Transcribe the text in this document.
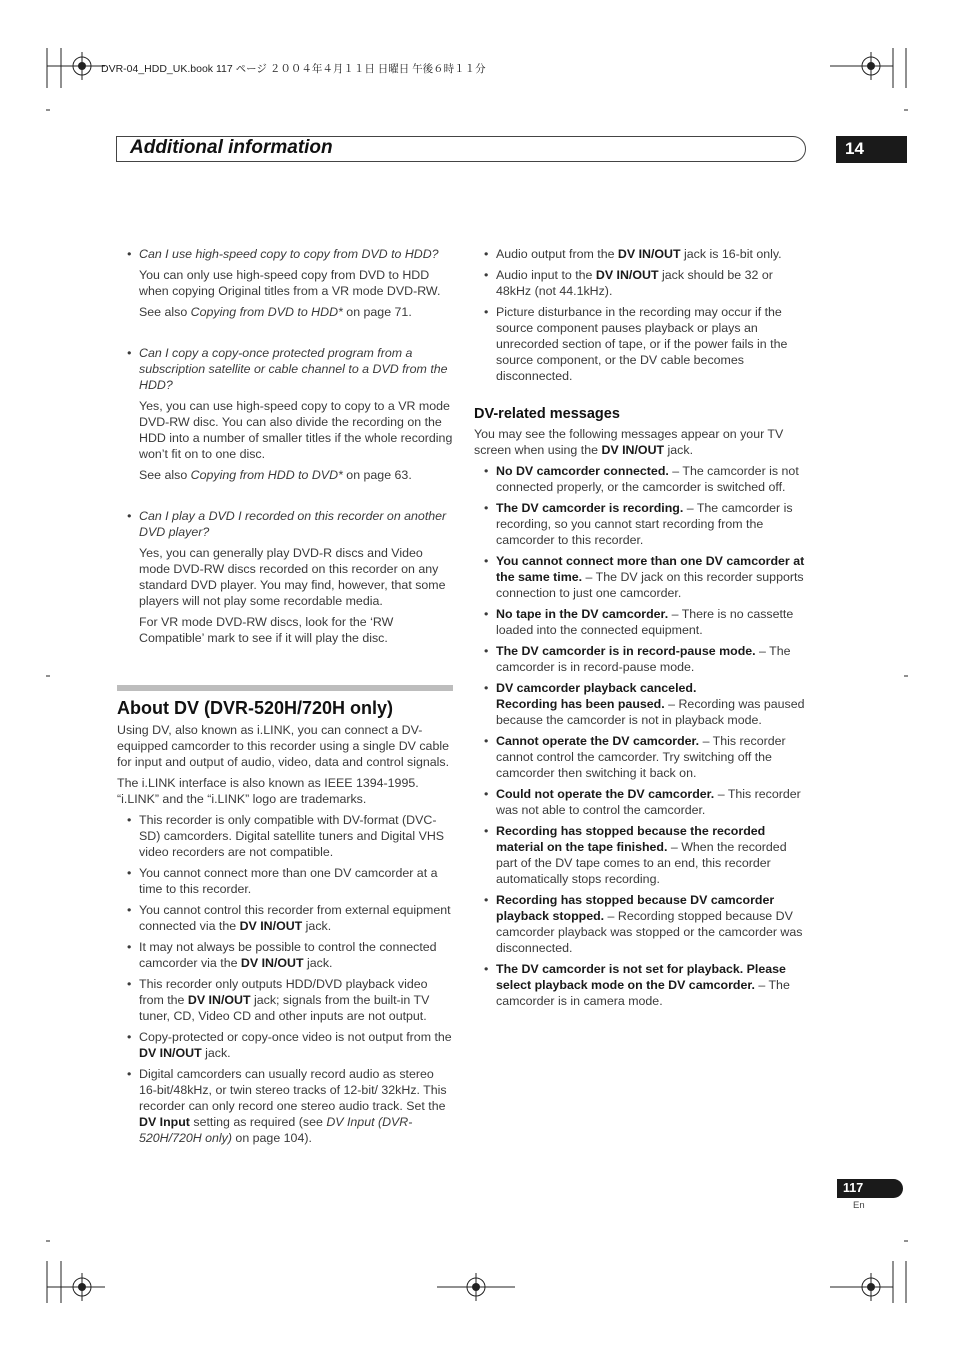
DVR-04_HDD_UK.book 117 ページ ２００４年４月１１日 日曜日 午後６時１１分
Additional information	14
• Can I use high-speed copy to copy from DVD to HDD?

You can only use high-speed copy from DVD to HDD when copying Original titles from a VR mode DVD-RW.

See also Copying from DVD to HDD* on page 71.

• Can I copy a copy-once protected program from a subscription satellite or cable channel to a DVD from the HDD?

Yes, you can use high-speed copy to copy to a VR mode DVD-RW disc. You can also divide the recording on the HDD into a number of smaller titles if the whole recording won’t fit on to one disc.

See also Copying from HDD to DVD* on page 63.

• Can I play a DVD I recorded on this recorder on another DVD player?

Yes, you can generally play DVD-R discs and Video mode DVD-RW discs recorded on this recorder on any standard DVD player. You may find, however, that some players will not play some recordable media.

For VR mode DVD-RW discs, look for the ‘RW Compatible’ mark to see if it will play the disc.

About DV (DVR-520H/720H only)

Using DV, also known as i.LINK, you can connect a DV-equipped camcorder to this recorder using a single DV cable for input and output of audio, video, data and control signals.

The i.LINK interface is also known as IEEE 1394-1995. “i.LINK” and the “i.LINK” logo are trademarks.

• This recorder is only compatible with DV-format (DVC-SD) camcorders. Digital satellite tuners and Digital VHS video recorders are not compatible.
• You cannot connect more than one DV camcorder at a time to this recorder.
• You cannot control this recorder from external equipment connected via the DV IN/OUT jack.
• It may not always be possible to control the connected camcorder via the DV IN/OUT jack.
• This recorder only outputs HDD/DVD playback video from the DV IN/OUT jack; signals from the built-in TV tuner, CD, Video CD and other inputs are not output.
• Copy-protected or copy-once video is not output from the DV IN/OUT jack.
• Digital camcorders can usually record audio as stereo 16-bit/48kHz, or twin stereo tracks of 12-bit/ 32kHz. This recorder can only record one stereo audio track. Set the DV Input setting as required (see DV Input (DVR-520H/720H only) on page 104).
• Audio output from the DV IN/OUT jack is 16-bit only.
• Audio input to the DV IN/OUT jack should be 32 or 48kHz (not 44.1kHz).
• Picture disturbance in the recording may occur if the source component pauses playback or plays an unrecorded section of tape, or if the power fails in the source component, or the DV cable becomes disconnected.
DV-related messages

You may see the following messages appear on your TV screen when using the DV IN/OUT jack.

• No DV camcorder connected. – The camcorder is not connected properly, or the camcorder is switched off.
• The DV camcorder is recording. – The camcorder is recording, so you cannot start recording from the camcorder to this recorder.
• You cannot connect more than one DV camcorder at the same time. – The DV jack on this recorder supports connection to just one camcorder.
• No tape in the DV camcorder. – There is no cassette loaded into the connected equipment.
• The DV camcorder is in record-pause mode. – The camcorder is in record-pause mode.
• DV camcorder playback canceled.
Recording has been paused. – Recording was paused because the camcorder is not in playback mode.
• Cannot operate the DV camcorder. – This recorder cannot control the camcorder. Try switching off the camcorder then switching it back on.
• Could not operate the DV camcorder. – This recorder was not able to control the camcorder.
• Recording has stopped because the recorded material on the tape finished. – When the recorded part of the DV tape comes to an end, this recorder automatically stops recording.
• Recording has stopped because DV camcorder playback stopped. – Recording stopped because DV camcorder playback was stopped or the camcorder was disconnected.
• The DV camcorder is not set for playback. Please select playback mode on the DV camcorder. – The camcorder is in camera mode.
117
En
